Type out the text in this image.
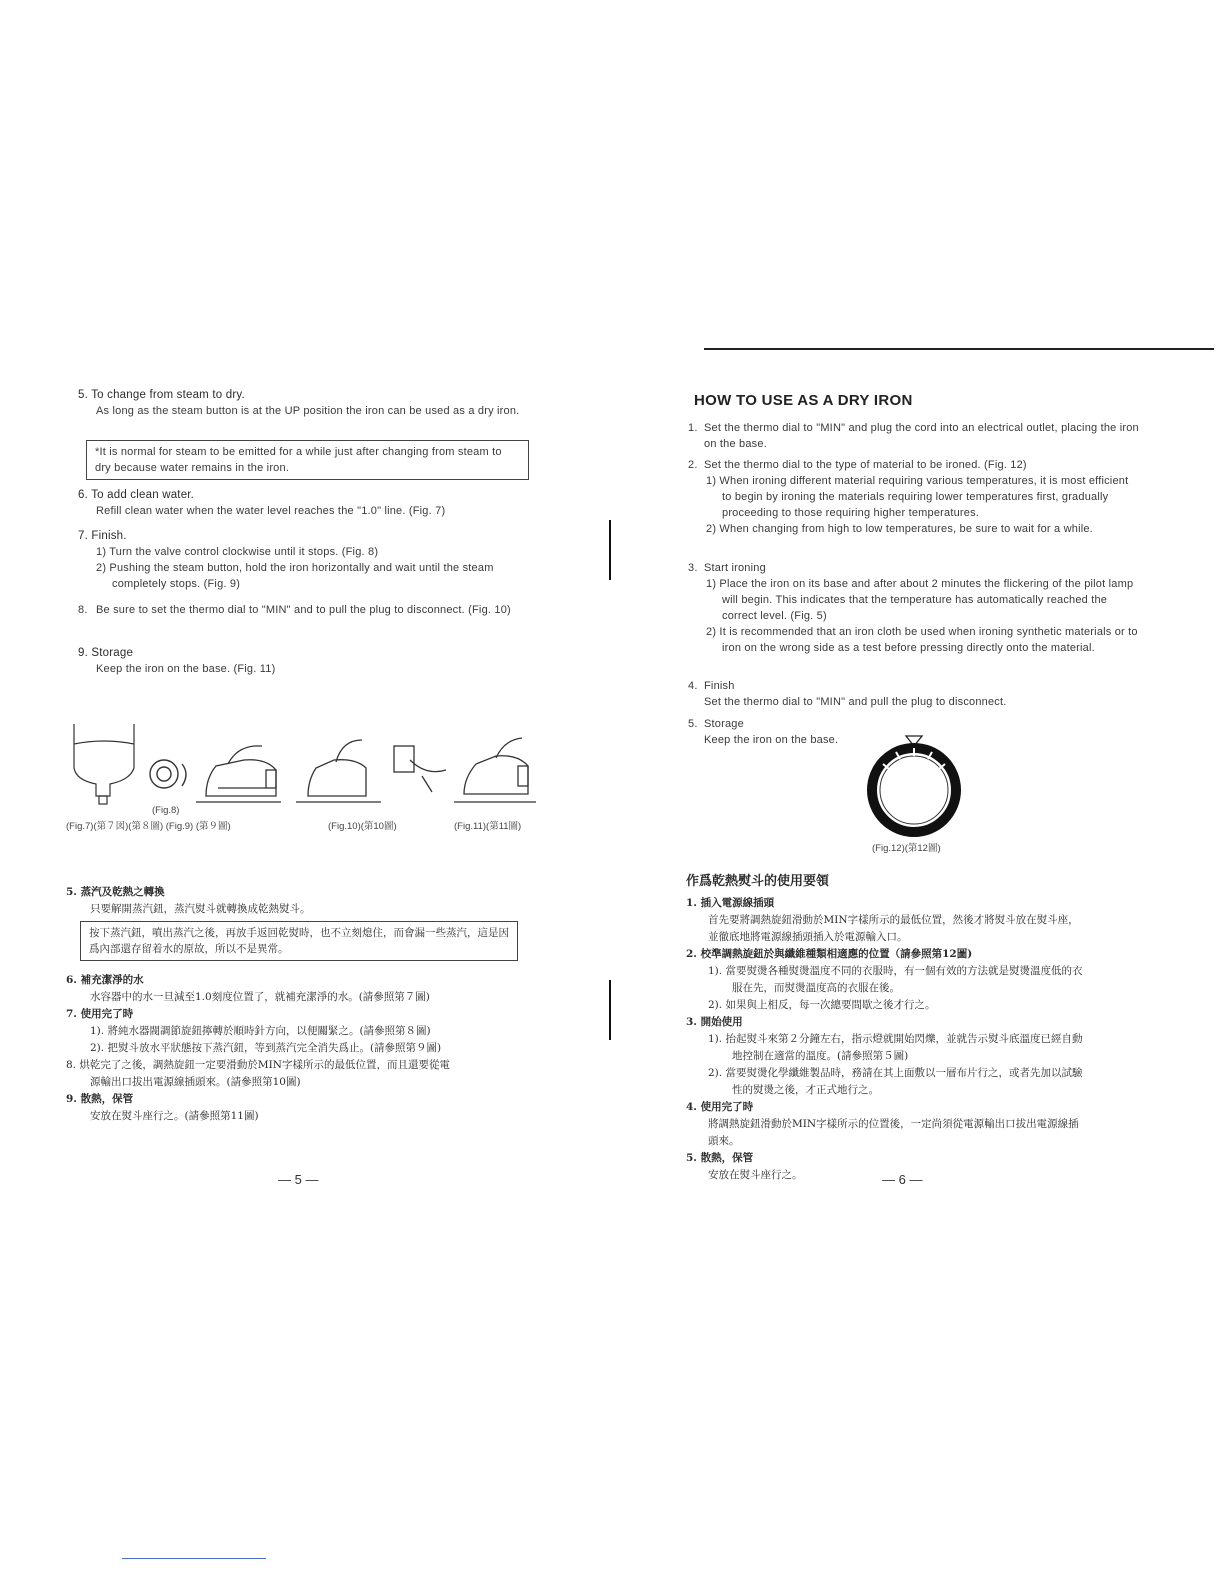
5. To change from steam to dry.
As long as the steam button is at the UP position the iron can be used as a dry iron.
*It is normal for steam to be emitted for a while just after changing from steam to dry because water remains in the iron.
6. To add clean water.
Refill clean water when the water level reaches the "1.0" line. (Fig. 7)
7. Finish.
1) Turn the valve control clockwise until it stops. (Fig. 8)
2) Pushing the steam button, hold the iron horizontally and wait until the steam completely stops. (Fig. 9)
8. Be sure to set the thermo dial to "MIN" and to pull the plug to disconnect. (Fig. 10)
9. Storage
Keep the iron on the base. (Fig. 11)
(Fig.8)
(Fig.7)(第７図)(第８圖) (Fig.9) (第９圖)	(Fig.10)(第10圖)	(Fig.11)(第11圖)
5. 蒸汽及乾熱之轉換
只要解開蒸汽鈕，蒸汽熨斗就轉換成乾熱熨斗。
按下蒸汽鈕，噴出蒸汽之後，再放手返回乾熨時，也不立刻熄住，而會漏一些蒸汽，這是因爲內部還存留着水的原故，所以不是異常。
6. 補充潔淨的水
水容器中的水一旦減至1.0刻度位置了，就補充潔淨的水。(請參照第７圖)
7. 使用完了時
1). 將純水器閥調節旋鈕擰轉於順時針方向，以便關緊之。(請參照第８圖)
2). 把熨斗放水平狀態按下蒸汽鈕，等到蒸汽完全消失爲止。(請參照第９圖)
8. 烘乾完了之後，調熱旋鈕一定要滑動於MIN字樣所示的最低位置，而且還要從電
源輸出口拔出電源線插頭來。(請參照第10圖)
9. 散熱，保管
安放在熨斗座行之。(請參照第11圖)
— 5 —
HOW TO USE AS A DRY IRON
1. Set the thermo dial to "MIN" and plug the cord into an electrical outlet, placing the iron on the base.
2. Set the thermo dial to the type of material to be ironed. (Fig. 12)
1) When ironing different material requiring various temperatures, it is most efficient to begin by ironing the materials requiring lower temperatures first, gradually proceeding to those requiring higher temperatures.
2) When changing from high to low temperatures, be sure to wait for a while.
3. Start ironing
1) Place the iron on its base and after about 2 minutes the flickering of the pilot lamp will begin. This indicates that the temperature has automatically reached the correct level. (Fig. 5)
2) It is recommended that an iron cloth be used when ironing synthetic materials or to iron on the wrong side as a test before pressing directly onto the material.
4. Finish
Set the thermo dial to "MIN" and pull the plug to disconnect.
5. Storage
Keep the iron on the base.
MIN
(Fig.12)(第12圖)
作爲乾熱熨斗的使用要領
1. 插入電源線插頭
首先要將調熱旋鈕滑動於MIN字樣所示的最低位置，然後才將熨斗放在熨斗座，
並徹底地將電源線插頭插入於電源輸入口。
2. 校準調熱旋鈕於與纖維種類相適應的位置（請參照第12圖)
1). 當要熨燙各種熨燙溫度不同的衣服時，有一個有效的方法就是熨燙溫度低的衣
服在先，而熨燙溫度高的衣服在後。
2). 如果與上相反，每一次總要間歇之後才行之。
3. 開始使用
1). 抬起熨斗來第２分鐘左右，指示燈就開始閃爍，並就告示熨斗底溫度已經自動
地控制在適當的溫度。(請參照第５圖)
2). 當要熨燙化學纖維製品時，務請在其上面敷以一層布片行之，或者先加以試驗
性的熨燙之後，才正式地行之。
4. 使用完了時
將調熱旋鈕滑動於MIN字樣所示的位置後，一定尚須從電源輸出口拔出電源線插
頭來。
5. 散熱，保管
安放在熨斗座行之。	— 6 —
